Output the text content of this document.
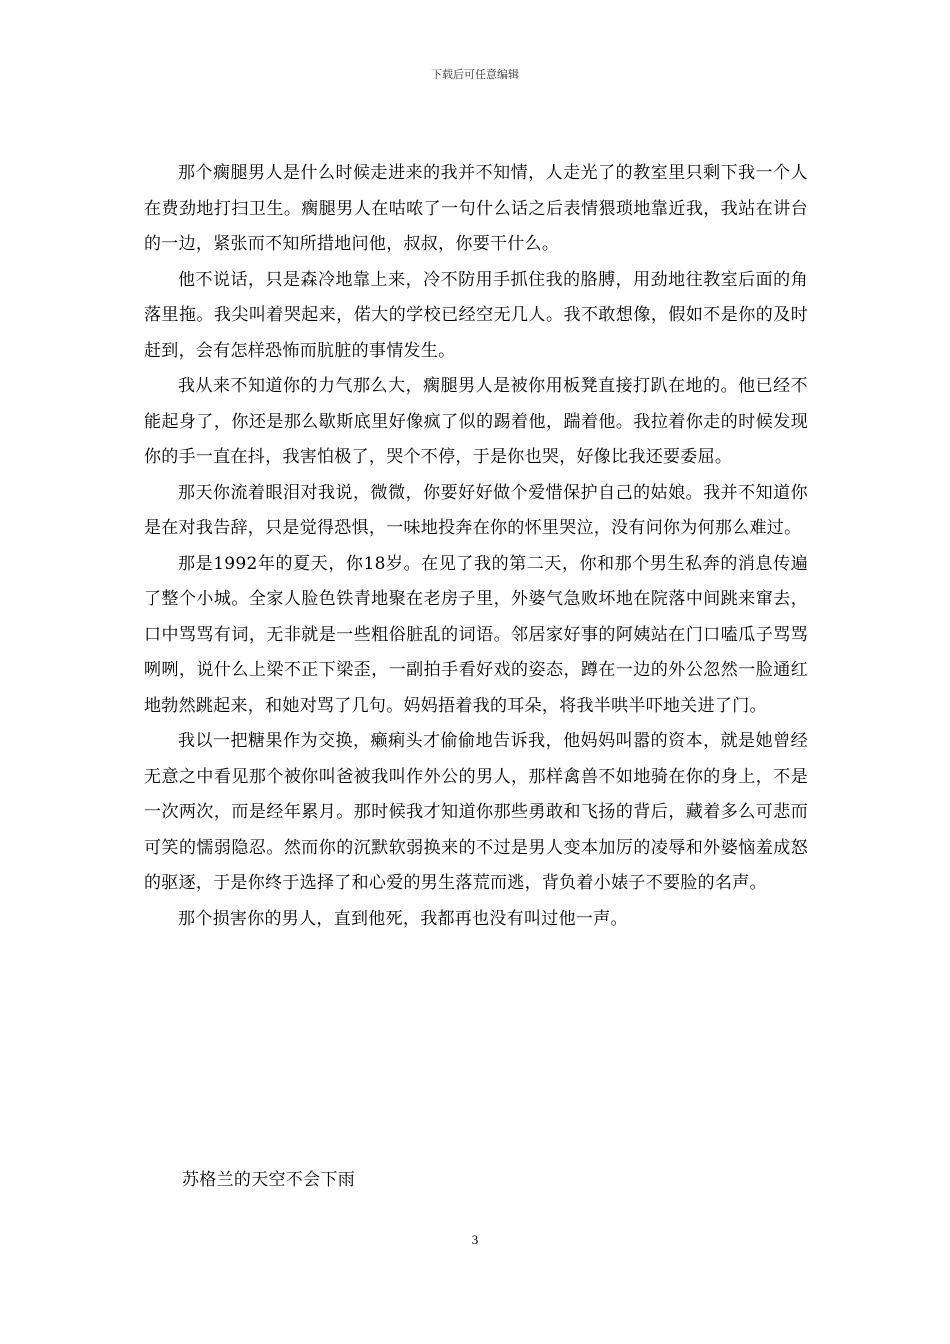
下载后可任意编辑

那个瘸腿男人是什么时候走进来的我并不知情，人走光了的教室里只剩下我一个人在费劲地打扫卫生。瘸腿男人在咕哝了一句什么话之后表情猥琐地靠近我，我站在讲台的一边，紧张而不知所措地问他，叔叔，你要干什么。

他不说话，只是森冷地靠上来，冷不防用手抓住我的胳膊，用劲地往教室后面的角落里拖。我尖叫着哭起来，偌大的学校已经空无几人。我不敢想像，假如不是你的及时赶到，会有怎样恐怖而肮脏的事情发生。

我从来不知道你的力气那么大，瘸腿男人是被你用板凳直接打趴在地的。他已经不能起身了，你还是那么歇斯底里好像疯了似的踢着他，踹着他。我拉着你走的时候发现你的手一直在抖，我害怕极了，哭个不停，于是你也哭，好像比我还要委屈。

那天你流着眼泪对我说，微微，你要好好做个爱惜保护自己的姑娘。我并不知道你是在对我告辞，只是觉得恐惧，一味地投奔在你的怀里哭泣，没有问你为何那么难过。

那是1992年的夏天，你18岁。在见了我的第二天，你和那个男生私奔的消息传遍了整个小城。全家人脸色铁青地聚在老房子里，外婆气急败坏地在院落中间跳来窜去，口中骂骂有词，无非就是一些粗俗脏乱的词语。邻居家好事的阿姨站在门口嗑瓜子骂骂咧咧，说什么上梁不正下梁歪，一副拍手看好戏的姿态，蹲在一边的外公忽然一脸通红地勃然跳起来，和她对骂了几句。妈妈捂着我的耳朵，将我半哄半吓地关进了门。

我以一把糖果作为交换，癞痢头才偷偷地告诉我，他妈妈叫嚣的资本，就是她曾经无意之中看见那个被你叫爸被我叫作外公的男人，那样禽兽不如地骑在你的身上，不是一次两次，而是经年累月。那时候我才知道你那些勇敢和飞扬的背后，藏着多么可悲而可笑的懦弱隐忍。然而你的沉默软弱换来的不过是男人变本加厉的凌辱和外婆恼羞成怒的驱逐，于是你终于选择了和心爱的男生落荒而逃，背负着小婊子不要脸的名声。

那个损害你的男人，直到他死，我都再也没有叫过他一声。

苏格兰的天空不会下雨
3
